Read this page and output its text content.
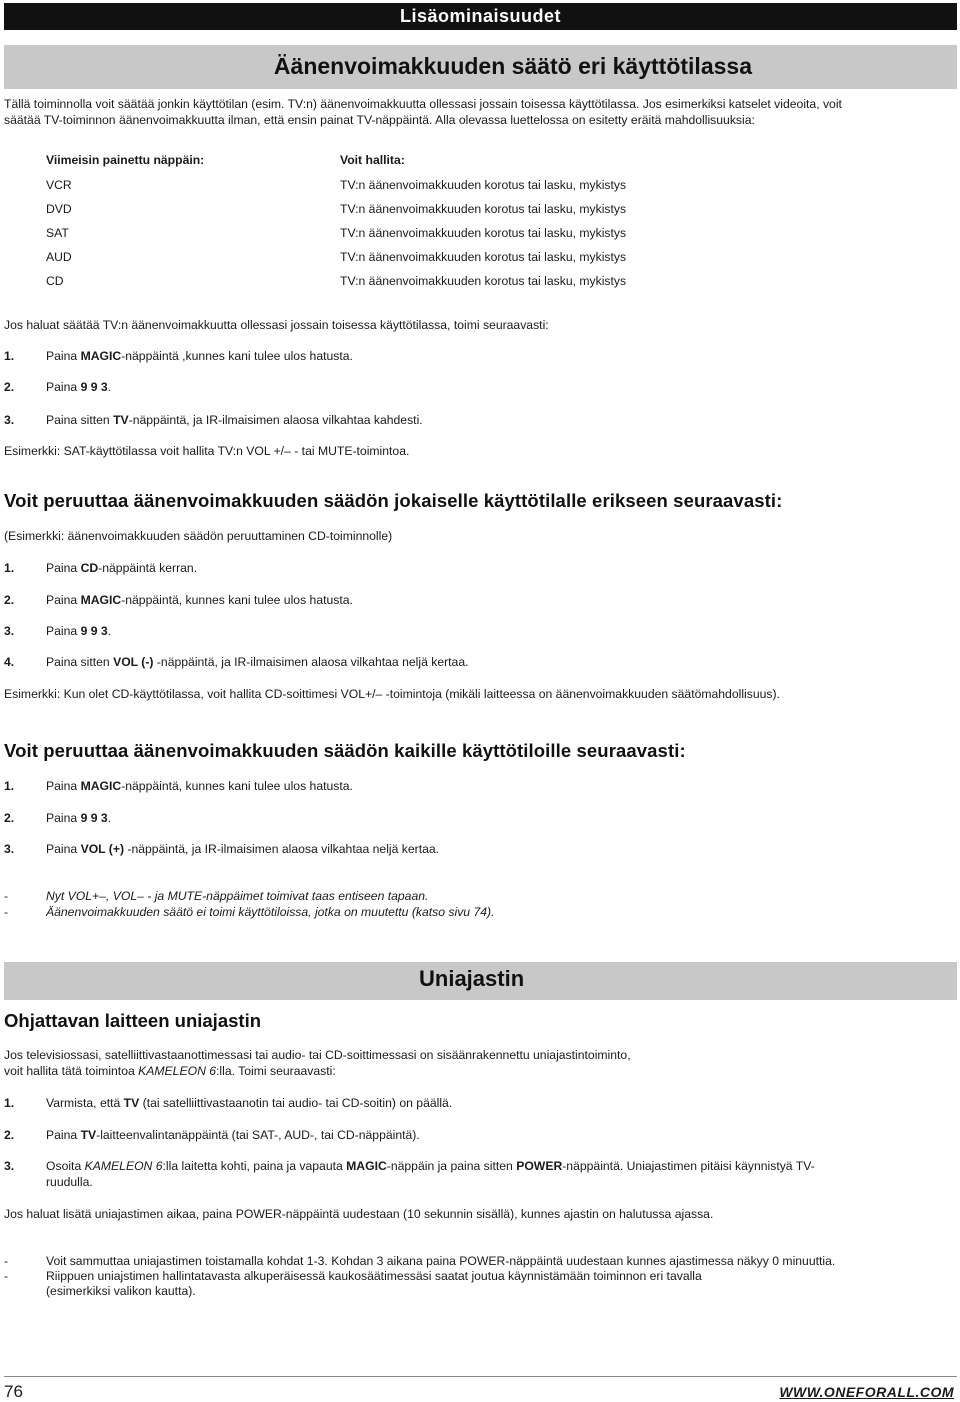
Lisäominaisuudet
Äänenvoimakkuuden säätö eri käyttötilassa
Tällä toiminnolla voit säätää jonkin käyttötilan (esim. TV:n) äänenvoimakkuutta ollessasi jossain toisessa käyttötilassa. Jos esimerkiksi katselet videoita, voit
säätää TV-toiminnon äänenvoimakkuutta ilman, että ensin painat TV-näppäintä. Alla olevassa luettelossa on esitetty eräitä mahdollisuuksia:
Viimeisin painettu näppäin:	Voit hallita:
VCR	TV:n äänenvoimakkuuden korotus tai lasku, mykistys
DVD	TV:n äänenvoimakkuuden korotus tai lasku, mykistys
SAT	TV:n äänenvoimakkuuden korotus tai lasku, mykistys
AUD	TV:n äänenvoimakkuuden korotus tai lasku, mykistys
CD	TV:n äänenvoimakkuuden korotus tai lasku, mykistys
Jos haluat säätää TV:n äänenvoimakkuutta ollessasi jossain toisessa käyttötilassa, toimi seuraavasti:
1.	Paina MAGIC-näppäintä ,kunnes kani tulee ulos hatusta.
2.	Paina 9 9 3.
3.	Paina sitten TV-näppäintä, ja IR-ilmaisimen alaosa vilkahtaa kahdesti.
Esimerkki: SAT-käyttötilassa voit hallita TV:n VOL +/– - tai MUTE-toimintoa.
Voit peruuttaa äänenvoimakkuuden säädön jokaiselle käyttötilalle erikseen seuraavasti:
(Esimerkki: äänenvoimakkuuden säädön peruuttaminen CD-toiminnolle)
1.	Paina CD-näppäintä kerran.
2.	Paina MAGIC-näppäintä, kunnes kani tulee ulos hatusta.
3.	Paina 9 9 3.
4.	Paina sitten VOL (-) -näppäintä, ja IR-ilmaisimen alaosa vilkahtaa neljä kertaa.
Esimerkki: Kun olet CD-käyttötilassa, voit hallita CD-soittimesi VOL+/– -toimintoja (mikäli laitteessa on äänenvoimakkuuden säätömahdollisuus).
Voit peruuttaa äänenvoimakkuuden säädön kaikille käyttötiloille seuraavasti:
1.	Paina MAGIC-näppäintä, kunnes kani tulee ulos hatusta.
2.	Paina 9 9 3.
3.	Paina VOL (+) -näppäintä, ja IR-ilmaisimen alaosa vilkahtaa neljä kertaa.
-	Nyt VOL+–, VOL– - ja MUTE-näppäimet toimivat taas entiseen tapaan.
-	Äänenvoimakkuuden säätö ei toimi käyttötiloissa, jotka on muutettu (katso sivu 74).
Uniajastin
Ohjattavan laitteen uniajastin
Jos televisiossasi, satelliittivastaanottimessasi tai audio- tai CD-soittimessasi on sisäänrakennettu uniajastintoiminto,
voit hallita tätä toimintoa KAMELEON 6:lla. Toimi seuraavasti:
1.	Varmista, että TV (tai satelliittivastaanotin tai audio- tai CD-soitin) on päällä.
2.	Paina TV-laitteenvalintanäppäintä (tai SAT-, AUD-, tai CD-näppäintä).
3.	Osoita KAMELEON 6:lla laitetta kohti, paina ja vapauta MAGIC-näppäin ja paina sitten POWER-näppäintä. Uniajastimen pitäisi käynnistyä TV-
ruudulla.
Jos haluat lisätä uniajastimen aikaa, paina POWER-näppäintä uudestaan (10 sekunnin sisällä), kunnes ajastin on halutussa ajassa.
-	Voit sammuttaa uniajastimen toistamalla kohdat 1-3. Kohdan 3 aikana paina POWER-näppäintä uudestaan kunnes ajastimessa näkyy 0 minuuttia.
-	Riippuen uniajstimen hallintatavasta alkuperäisessä kaukosäätimessäsi saatat joutua käynnistämään toiminnon eri tavalla
(esimerkiksi valikon kautta).
76	WWW.ONEFORALL.COM
